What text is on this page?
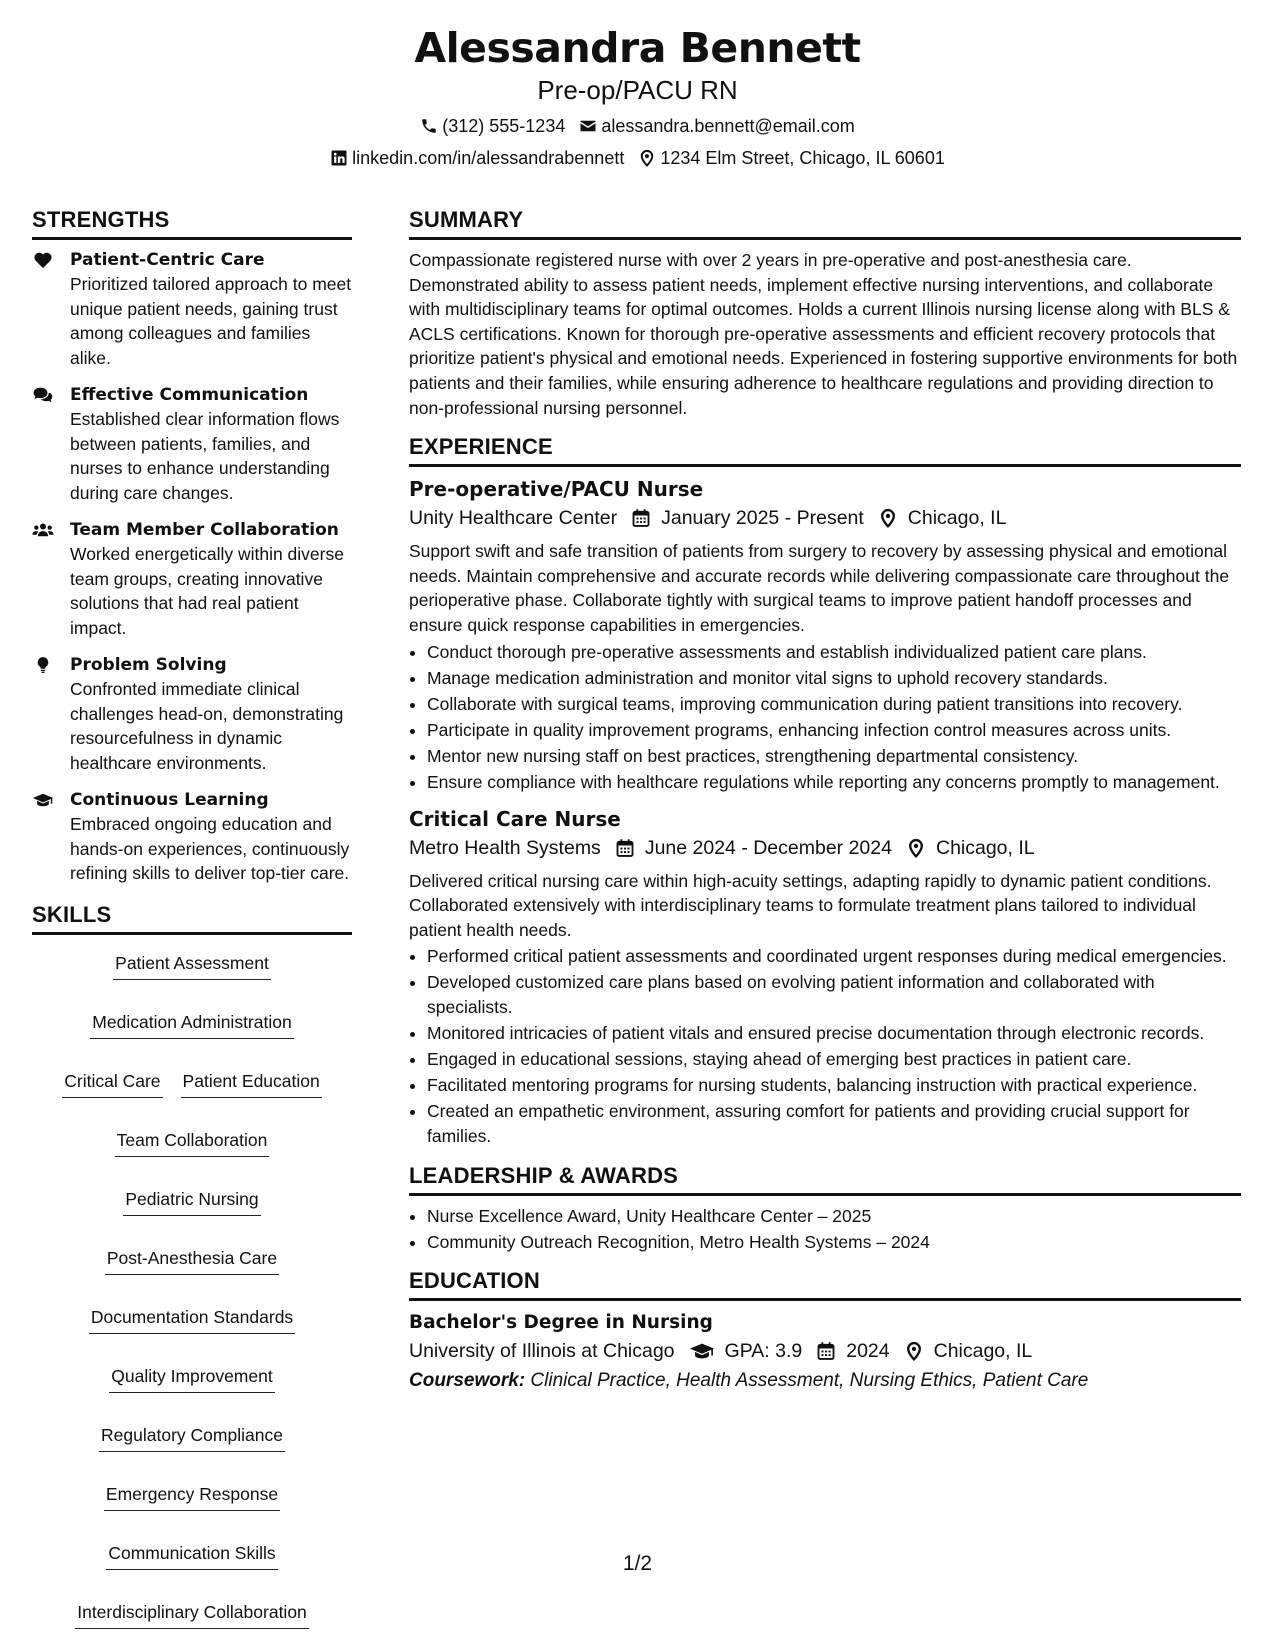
Alessandra Bennett
Pre-op/PACU RN
(312) 555-1234 alessandra.bennett@email.com
linkedin.com/in/alessandrabennett 1234 Elm Street, Chicago, IL 60601
STRENGTHS
Patient-Centric Care
Prioritized tailored approach to meet unique patient needs, gaining trust among colleagues and families alike.
Effective Communication
Established clear information flows between patients, families, and nurses to enhance understanding during care changes.
Team Member Collaboration
Worked energetically within diverse team groups, creating innovative solutions that had real patient impact.
Problem Solving
Confronted immediate clinical challenges head-on, demonstrating resourcefulness in dynamic healthcare environments.
Continuous Learning
Embraced ongoing education and hands-on experiences, continuously refining skills to deliver top-tier care.
SKILLS
Patient Assessment
Medication Administration
Critical Care Patient Education
Team Collaboration
Pediatric Nursing
Post-Anesthesia Care
Documentation Standards
Quality Improvement
Regulatory Compliance
Emergency Response
Communication Skills
Interdisciplinary Collaboration
SUMMARY
Compassionate registered nurse with over 2 years in pre-operative and post-anesthesia care. Demonstrated ability to assess patient needs, implement effective nursing interventions, and collaborate with multidisciplinary teams for optimal outcomes. Holds a current Illinois nursing license along with BLS & ACLS certifications. Known for thorough pre-operative assessments and efficient recovery protocols that prioritize patient's physical and emotional needs. Experienced in fostering supportive environments for both patients and their families, while ensuring adherence to healthcare regulations and providing direction to non-professional nursing personnel.
EXPERIENCE
Pre-operative/PACU Nurse
Unity Healthcare Center January 2025 - Present Chicago, IL
Support swift and safe transition of patients from surgery to recovery by assessing physical and emotional needs. Maintain comprehensive and accurate records while delivering compassionate care throughout the perioperative phase. Collaborate tightly with surgical teams to improve patient handoff processes and ensure quick response capabilities in emergencies.
• Conduct thorough pre-operative assessments and establish individualized patient care plans.
• Manage medication administration and monitor vital signs to uphold recovery standards.
• Collaborate with surgical teams, improving communication during patient transitions into recovery.
• Participate in quality improvement programs, enhancing infection control measures across units.
• Mentor new nursing staff on best practices, strengthening departmental consistency.
• Ensure compliance with healthcare regulations while reporting any concerns promptly to management.
Critical Care Nurse
Metro Health Systems June 2024 - December 2024 Chicago, IL
Delivered critical nursing care within high-acuity settings, adapting rapidly to dynamic patient conditions. Collaborated extensively with interdisciplinary teams to formulate treatment plans tailored to individual patient health needs.
• Performed critical patient assessments and coordinated urgent responses during medical emergencies.
• Developed customized care plans based on evolving patient information and collaborated with specialists.
• Monitored intricacies of patient vitals and ensured precise documentation through electronic records.
• Engaged in educational sessions, staying ahead of emerging best practices in patient care.
• Facilitated mentoring programs for nursing students, balancing instruction with practical experience.
• Created an empathetic environment, assuring comfort for patients and providing crucial support for families.
LEADERSHIP & AWARDS
• Nurse Excellence Award, Unity Healthcare Center – 2025
• Community Outreach Recognition, Metro Health Systems – 2024
EDUCATION
Bachelor's Degree in Nursing
University of Illinois at Chicago	GPA: 3.9 2024 Chicago, IL
Coursework: Clinical Practice, Health Assessment, Nursing Ethics, Patient Care
1/2
